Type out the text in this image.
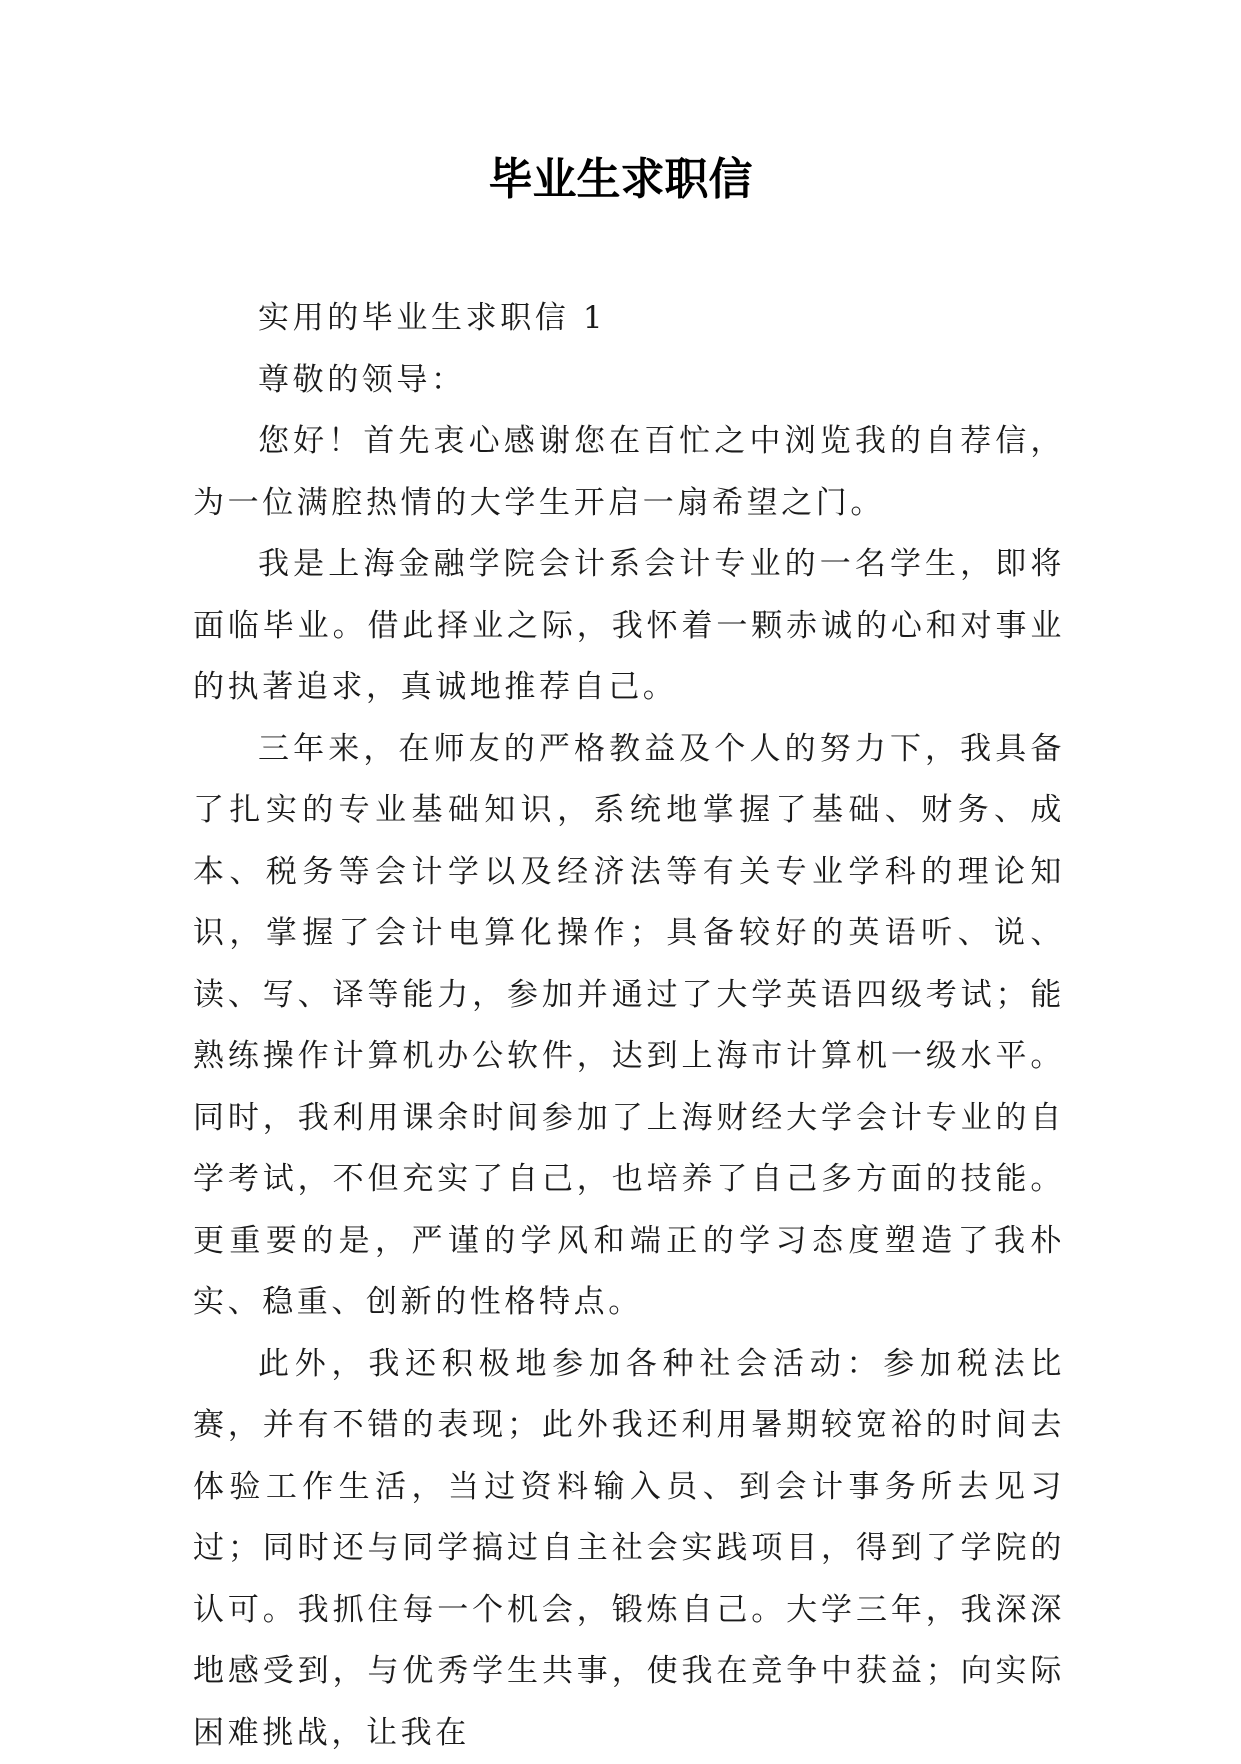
毕业生求职信

实用的毕业生求职信 1

尊敬的领导：

您好！首先衷心感谢您在百忙之中浏览我的自荐信，为一位满腔热情的大学生开启一扇希望之门。

我是上海金融学院会计系会计专业的一名学生，即将面临毕业。借此择业之际，我怀着一颗赤诚的心和对事业的执著追求，真诚地推荐自己。

三年来，在师友的严格教益及个人的努力下，我具备了扎实的专业基础知识，系统地掌握了基础、财务、成本、税务等会计学以及经济法等有关专业学科的理论知识，掌握了会计电算化操作；具备较好的英语听、说、读、写、译等能力，参加并通过了大学英语四级考试；能熟练操作计算机办公软件，达到上海市计算机一级水平。同时，我利用课余时间参加了上海财经大学会计专业的自学考试，不但充实了自己，也培养了自己多方面的技能。更重要的是，严谨的学风和端正的学习态度塑造了我朴实、稳重、创新的性格特点。

此外，我还积极地参加各种社会活动：参加税法比赛，并有不错的表现；此外我还利用暑期较宽裕的时间去体验工作生活，当过资料输入员、到会计事务所去见习过；同时还与同学搞过自主社会实践项目，得到了学院的认可。我抓住每一个机会，锻炼自己。大学三年，我深深地感受到，与优秀学生共事，使我在竞争中获益；向实际困难挑战，让我在
